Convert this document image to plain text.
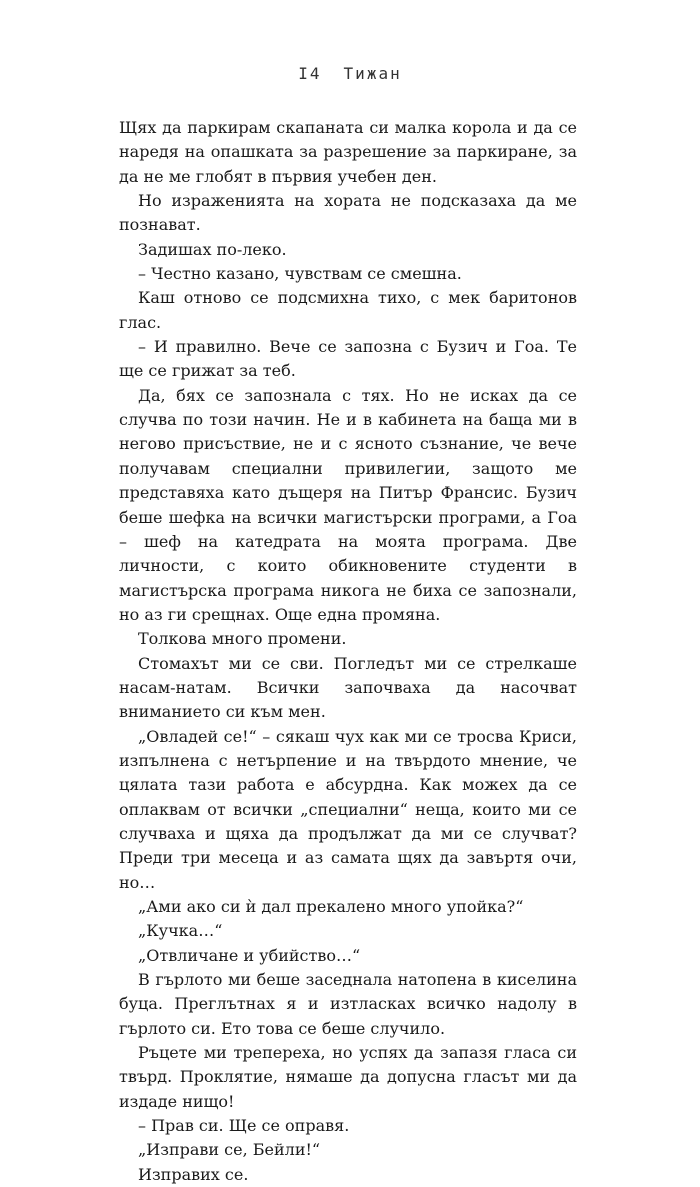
I4 Тижан

Щях да паркирам скапаната си малка корола и да се наредя на опашката за разрешение за паркиране, за да не ме глобят в първия учебен ден.

Но израженията на хората не подсказаха да ме познават.

Задишах по-леко.

– Честно казано, чувствам се смешна.

Каш отново се подсмихна тихо, с мек баритонов глас.

– И правилно. Вече се запозна с Бузич и Гоа. Те ще се грижат за теб.

Да, бях се запознала с тях. Но не исках да се случва по този начин. Не и в кабинета на баща ми в негово присъствие, не и с ясното съзнание, че вече получавам специални привилегии, защото ме представяха като дъщеря на Питър Франсис. Бузич беше шефка на всички магистърски програми, а Гоа – шеф на катедрата на моята програма. Две личности, с които обикновените студенти в магистърска програма никога не биха се запознали, но аз ги срещнах. Още една промяна.

Толкова много промени.

Стомахът ми се сви. Погледът ми се стрелкаше насам-натам. Всички започваха да насочват вниманието си към мен.

„Овладей се!“ – сякаш чух как ми се тросва Криси, изпълнена с нетърпение и на твърдото мнение, че цялата тази работа е абсурдна. Как можех да се оплаквам от всички „специални“ неща, които ми се случваха и щяха да продължат да ми се случват? Преди три месеца и аз самата щях да завъртя очи, но…

„Ами ако си ѝ дал прекалено много упойка?“

„Кучка…“

„Отвличане и убийство…“

В гърлото ми беше заседнала натопена в киселина буца. Преглътнах я и изтласках всичко надолу в гърлото си. Ето това се беше случило.

Ръцете ми трепереха, но успях да запазя гласа си твърд. Проклятие, нямаше да допусна гласът ми да издаде нищо!

– Прав си. Ще се оправя.

„Изправи се, Бейли!“

Изправих се.
